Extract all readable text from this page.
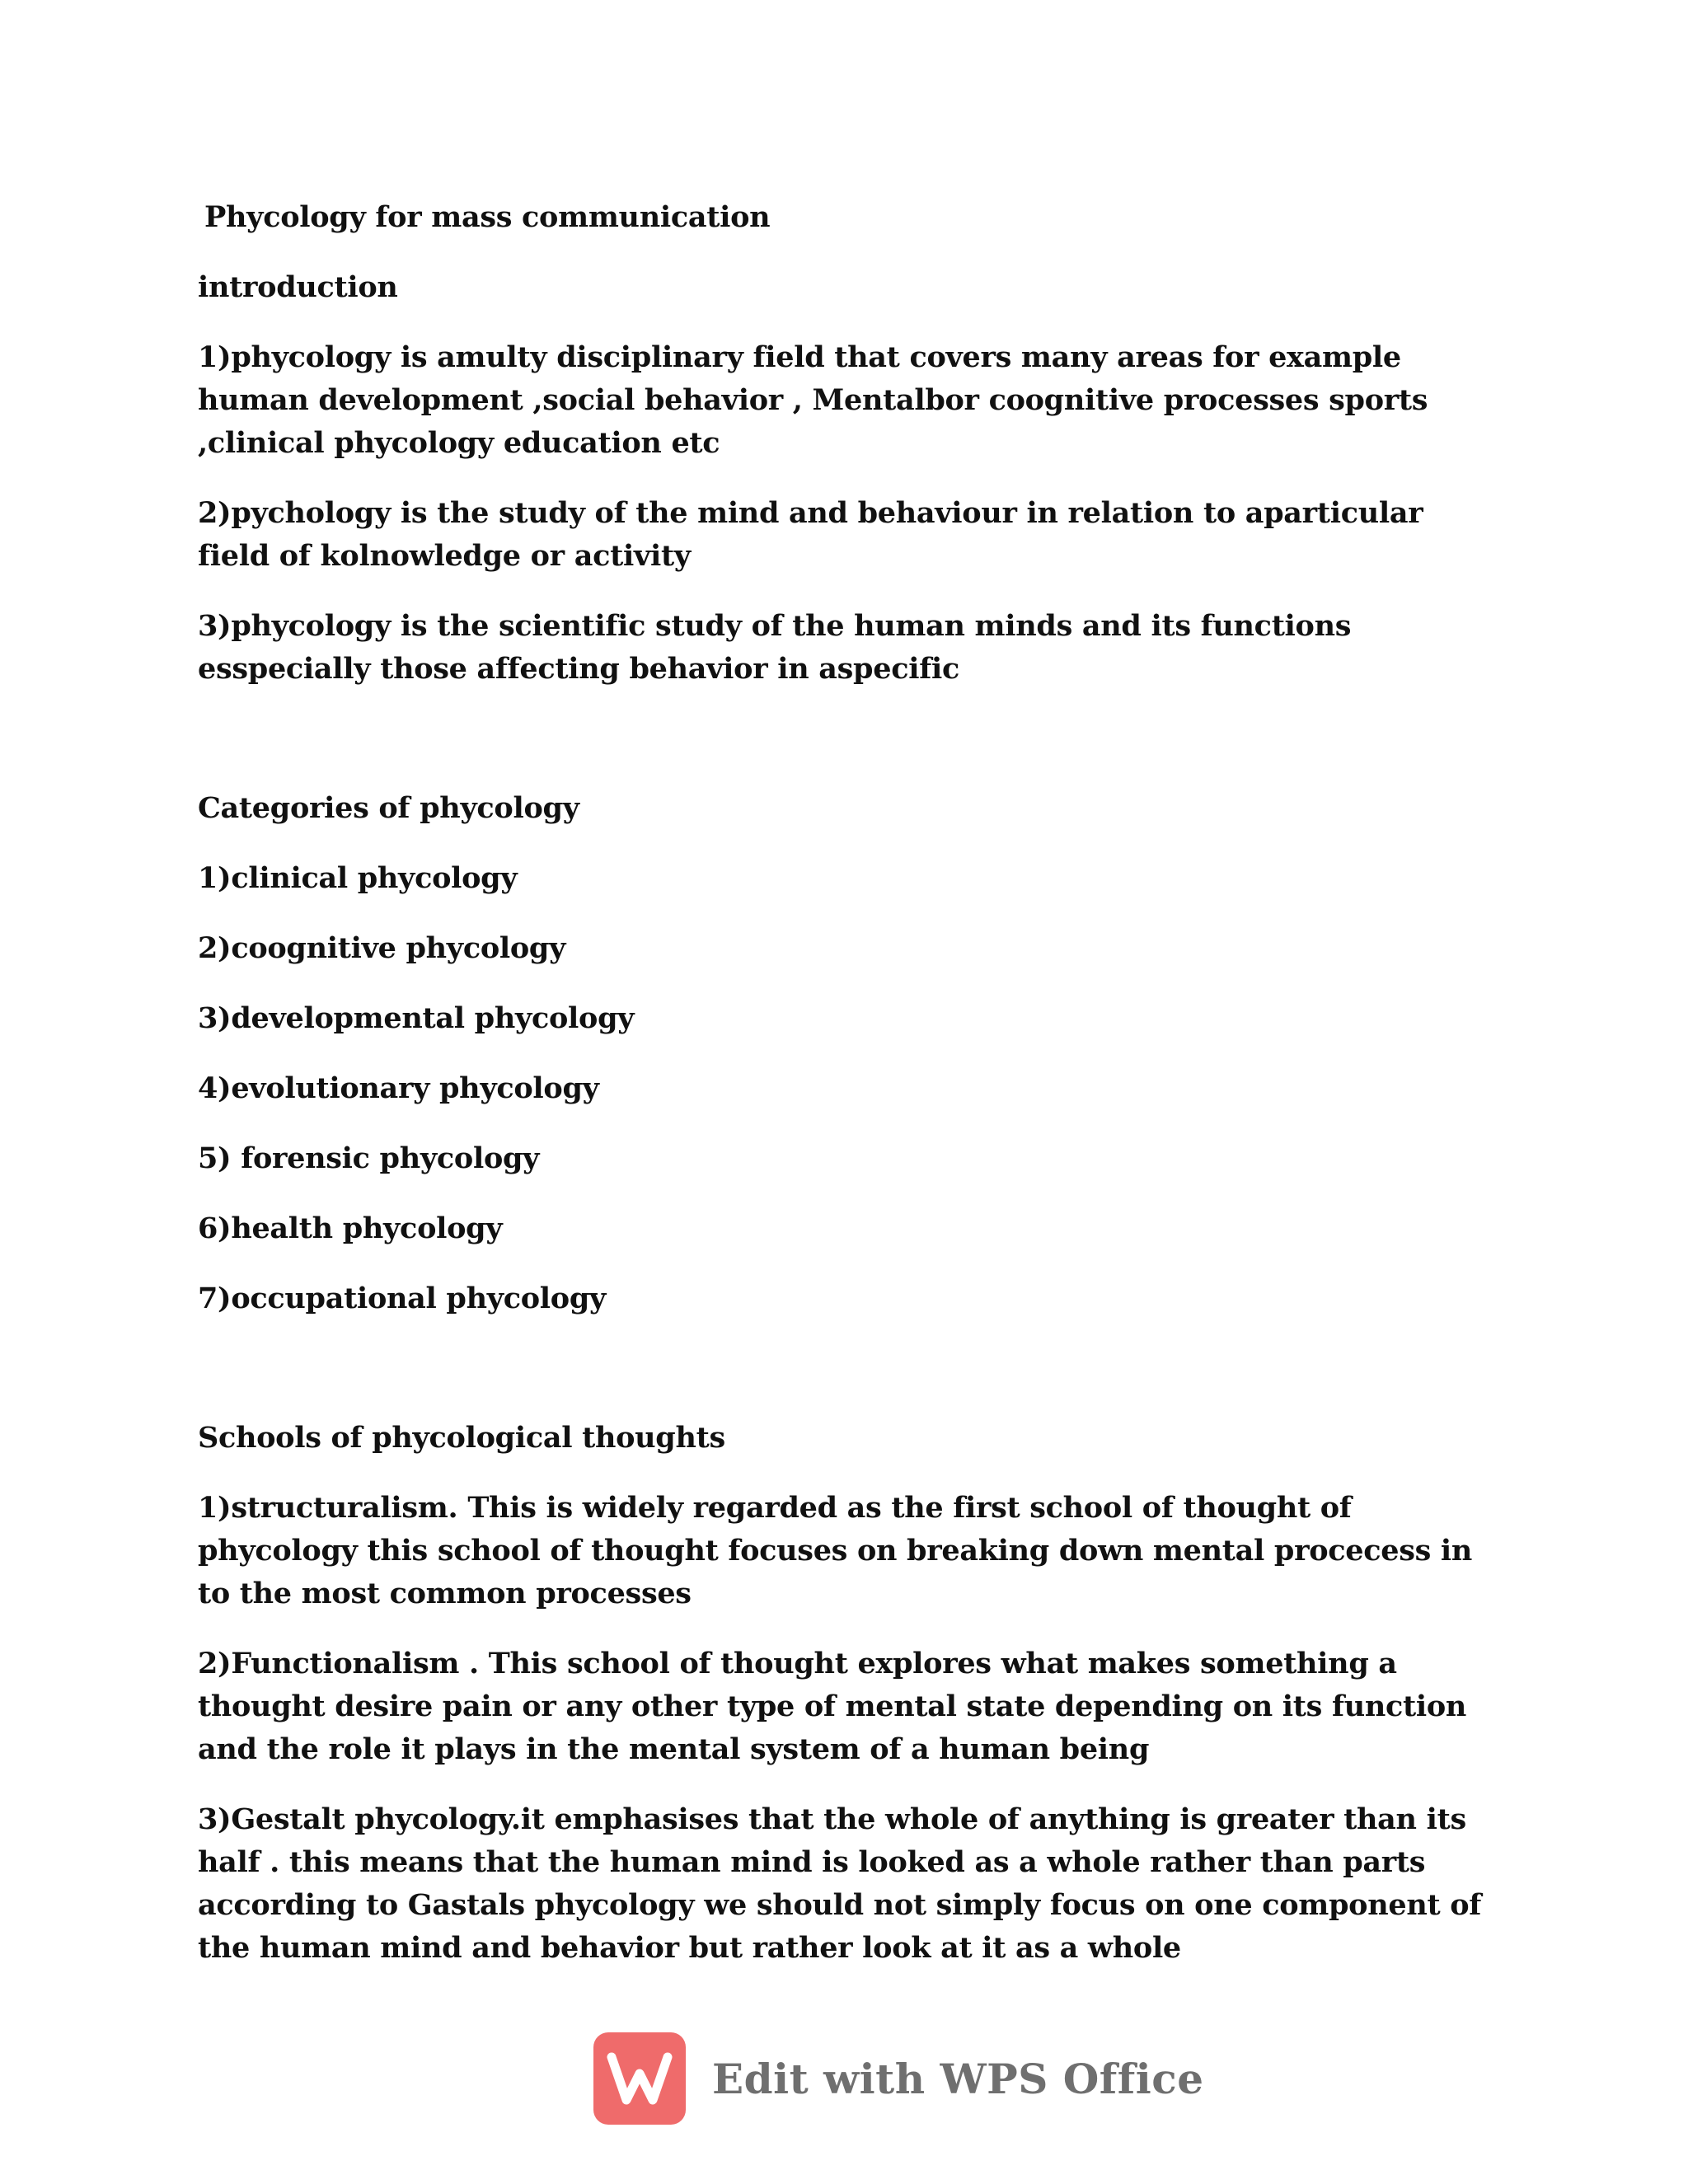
Phycology for mass communication

introduction

1)phycology is amulty disciplinary field that covers many areas for example human development ,social behavior , Mentalbor coognitive processes sports ,clinical phycology education etc

2)pychology is the study of the mind and behaviour in relation to aparticular field of kolnowledge or activity

3)phycology is the scientific study of the human minds and its functions esspecially those affecting behavior in aspecific

Categories of phycology

1)clinical phycology

2)coognitive phycology

3)developmental phycology

4)evolutionary phycology

5) forensic phycology

6)health phycology

7)occupational phycology

Schools of phycological thoughts

1)structuralism. This is widely regarded as the first school of thought of phycology this school of thought focuses on breaking down mental procecess in to the most common processes

2)Functionalism . This school of thought explores what makes something a thought desire pain or any other type of mental state depending on its function and the role it plays in the mental system of a human being

3)Gestalt phycology.it emphasises that the whole of anything is greater than its half . this means that the human mind is looked as a whole rather than parts according to Gastals phycology we should not simply focus on one component of the human mind and behavior but rather look at it as a whole

Edit with WPS Office
